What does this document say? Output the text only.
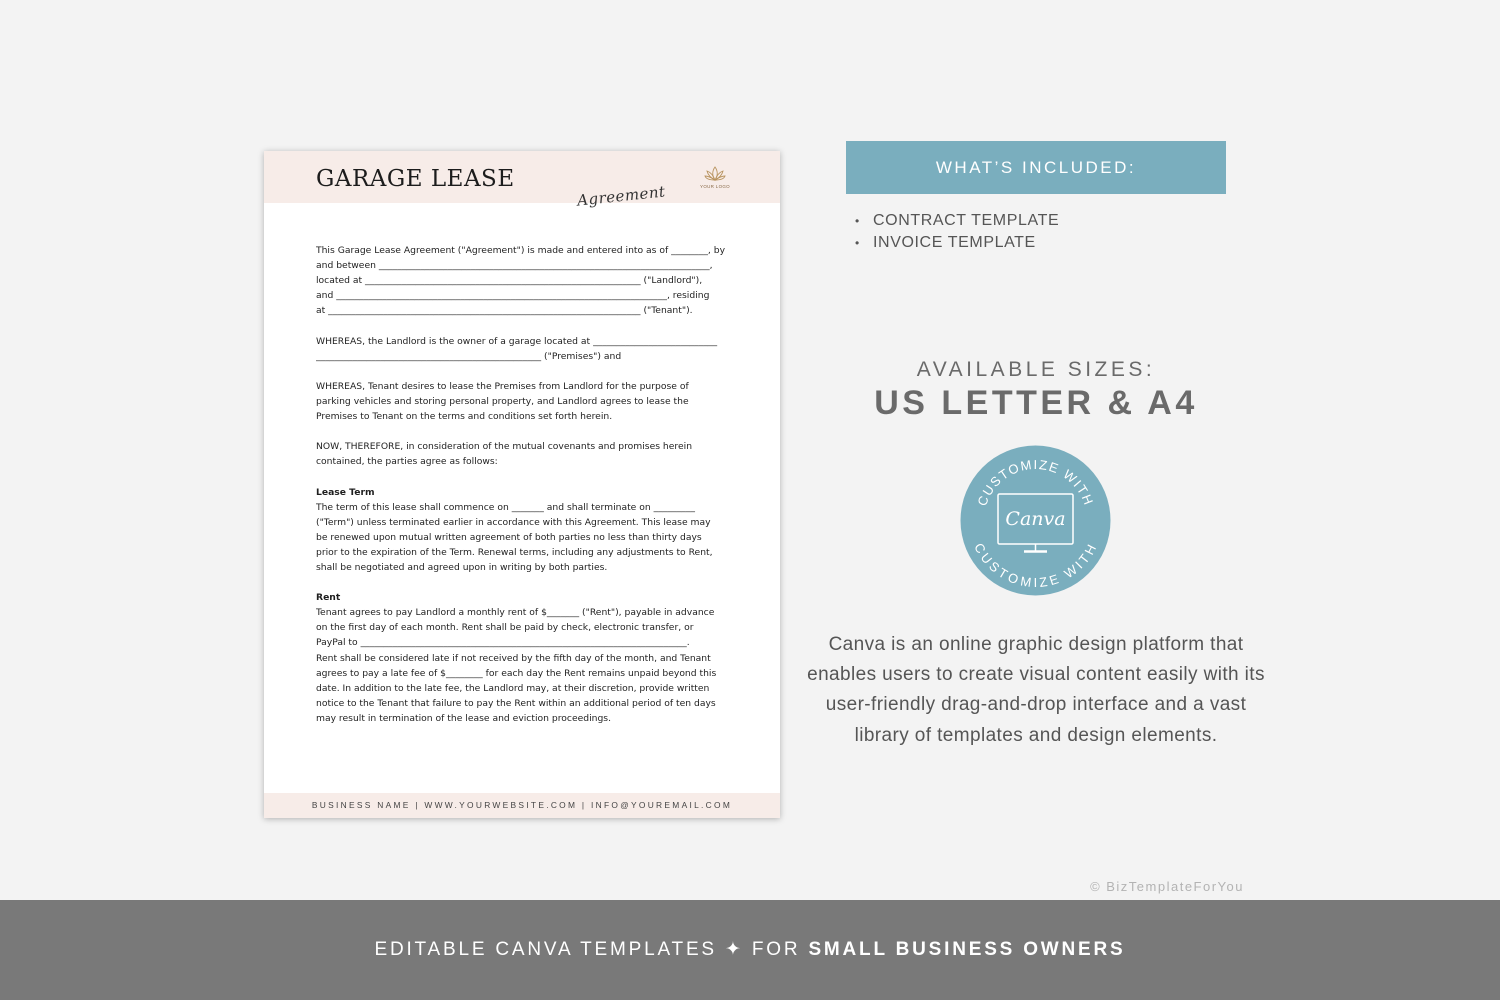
GARAGE LEASE
Agreement	YOUR LOGO

This Garage Lease Agreement ("Agreement") is made and entered into as of ________, by
and between ________________________________________________________________________,
located at ____________________________________________________________ ("Landlord"),
and ________________________________________________________________________, residing
at ____________________________________________________________________ ("Tenant").

WHEREAS, the Landlord is the owner of a garage located at ___________________________
_________________________________________________ ("Premises") and

WHEREAS, Tenant desires to lease the Premises from Landlord for the purpose of
parking vehicles and storing personal property, and Landlord agrees to lease the
Premises to Tenant on the terms and conditions set forth herein.

NOW, THEREFORE, in consideration of the mutual covenants and promises herein
contained, the parties agree as follows:

Lease Term
The term of this lease shall commence on _______ and shall terminate on _________
("Term") unless terminated earlier in accordance with this Agreement. This lease may
be renewed upon mutual written agreement of both parties no less than thirty days
prior to the expiration of the Term. Renewal terms, including any adjustments to Rent,
shall be negotiated and agreed upon in writing by both parties.

Rent
Tenant agrees to pay Landlord a monthly rent of $_______ ("Rent"), payable in advance
on the first day of each month. Rent shall be paid by check, electronic transfer, or
PayPal to _______________________________________________________________________.
Rent shall be considered late if not received by the fifth day of the month, and Tenant
agrees to pay a late fee of $________ for each day the Rent remains unpaid beyond this
date. In addition to the late fee, the Landlord may, at their discretion, provide written
notice to the Tenant that failure to pay the Rent within an additional period of ten days
may result in termination of the lease and eviction proceedings.

BUSINESS NAME | WWW.YOURWEBSITE.COM | INFO@YOUREMAIL.COM
WHAT’S INCLUDED:
• CONTRACT TEMPLATE
• INVOICE TEMPLATE
AVAILABLE SIZES:
US LETTER & A4
CUSTOMIZE WITH
CUSTOMIZE WITH
Canva
Canva is an online graphic design platform that enables users to create visual content easily with its user-friendly drag-and-drop interface and a vast library of templates and design elements.
© BizTemplateForYou
EDITABLE CANVA TEMPLATES ✦ FOR SMALL BUSINESS OWNERS
